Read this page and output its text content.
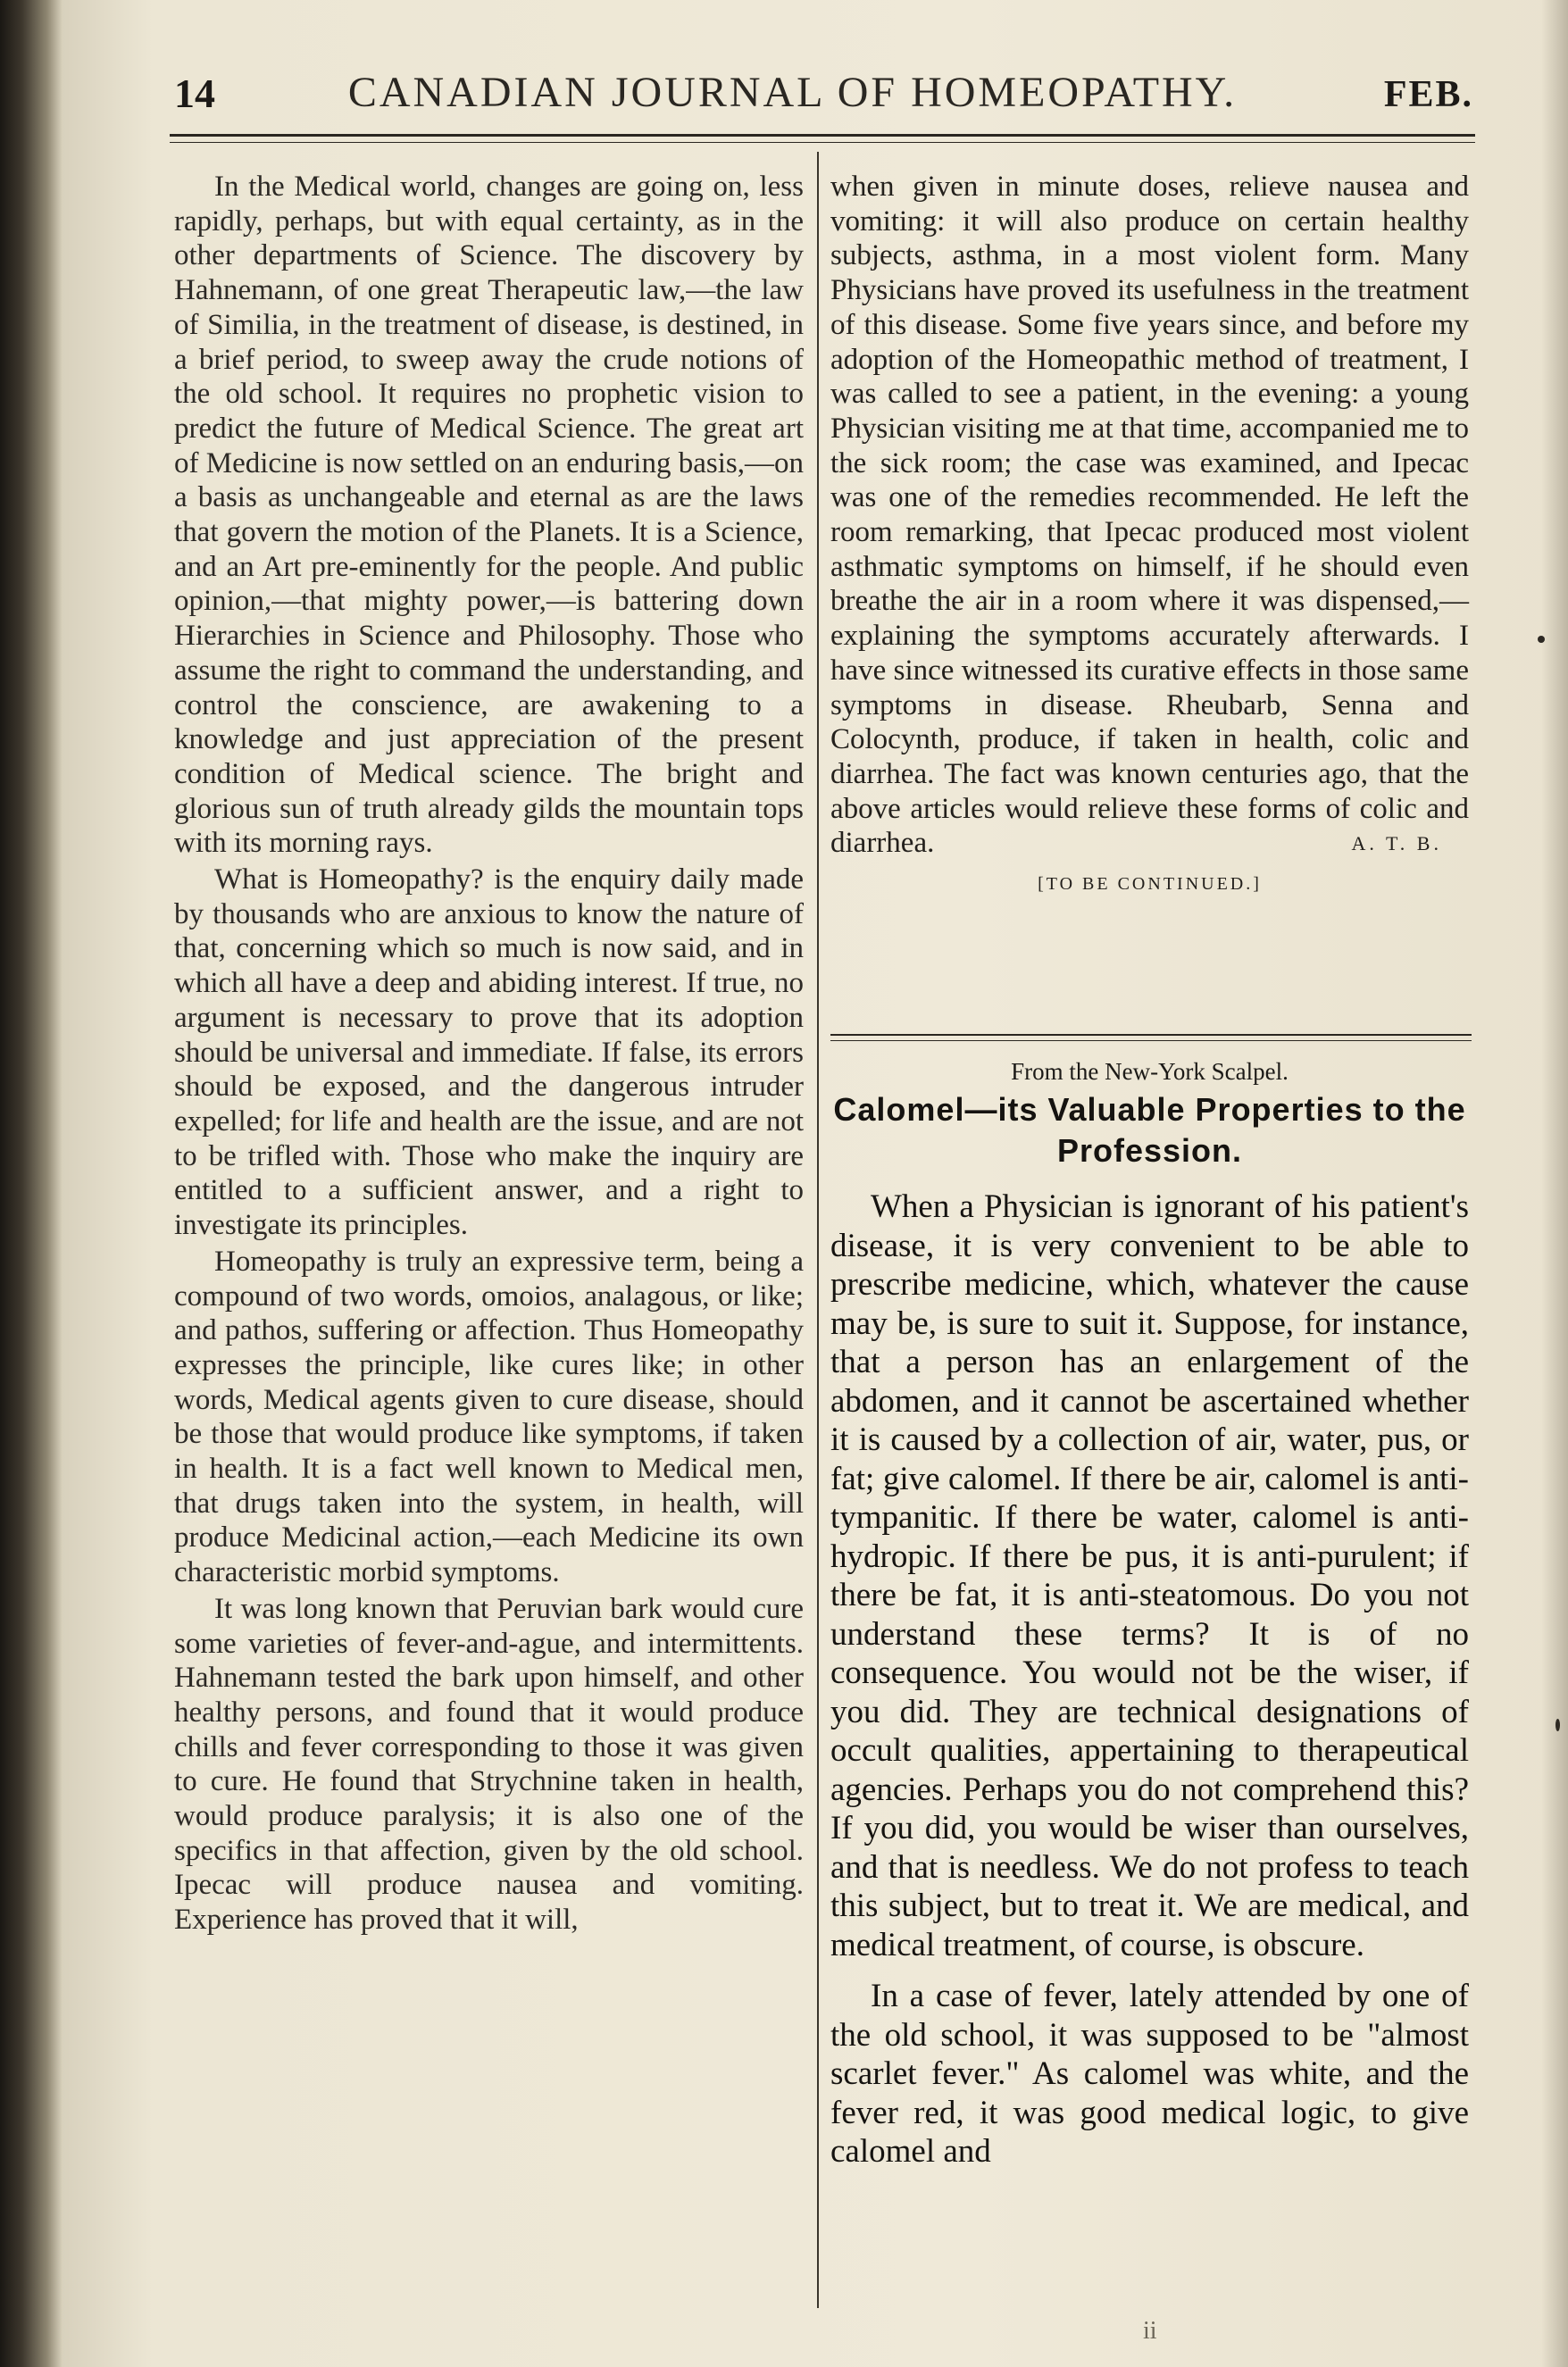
14	CANADIAN JOURNAL OF HOMEOPATHY.	FEB.

In the Medical world, changes are going on, less rapidly, perhaps, but with equal certainty, as in the other departments of Science. The discovery by Hahnemann, of one great Therapeutic law,—the law of Similia, in the treatment of disease, is destined, in a brief period, to sweep away the crude notions of the old school. It requires no prophetic vision to predict the future of Medical Science. The great art of Medicine is now settled on an enduring basis,—on a basis as unchangeable and eternal as are the laws that govern the motion of the Planets. It is a Science, and an Art pre-eminently for the people. And public opinion,—that mighty power,—is battering down Hierarchies in Science and Philosophy. Those who assume the right to command the understanding, and control the conscience, are awakening to a knowledge and just appreciation of the present condition of Medical science. The bright and glorious sun of truth already gilds the mountain tops with its morning rays.

What is Homeopathy? is the enquiry daily made by thousands who are anxious to know the nature of that, concerning which so much is now said, and in which all have a deep and abiding interest. If true, no argument is necessary to prove that its adoption should be universal and immediate. If false, its errors should be exposed, and the dangerous intruder expelled; for life and health are the issue, and are not to be trifled with. Those who make the inquiry are entitled to a sufficient answer, and a right to investigate its principles.

Homeopathy is truly an expressive term, being a compound of two words, omoios, analagous, or like; and pathos, suffering or affection. Thus Homeopathy expresses the principle, like cures like; in other words, Medical agents given to cure disease, should be those that would produce like symptoms, if taken in health. It is a fact well known to Medical men, that drugs taken into the system, in health, will produce Medicinal action,—each Medicine its own characteristic morbid symptoms.

It was long known that Peruvian bark would cure some varieties of fever-and-ague, and intermittents. Hahnemann tested the bark upon himself, and other healthy persons, and found that it would produce chills and fever corresponding to those it was given to cure. He found that Strychnine taken in health, would produce paralysis; it is also one of the specifics in that affection, given by the old school. Ipecac will produce nausea and vomiting. Experience has proved that it will,

when given in minute doses, relieve nausea and vomiting: it will also produce on certain healthy subjects, asthma, in a most violent form. Many Physicians have proved its usefulness in the treatment of this disease. Some five years since, and before my adoption of the Homeopathic method of treatment, I was called to see a patient, in the evening: a young Physician visiting me at that time, accompanied me to the sick room; the case was examined, and Ipecac was one of the remedies recommended. He left the room remarking, that Ipecac produced most violent asthmatic symptoms on himself, if he should even breathe the air in a room where it was dispensed,—explaining the symptoms accurately afterwards. I have since witnessed its curative effects in those same symptoms in disease. Rheubarb, Senna and Colocynth, produce, if taken in health, colic and diarrhea. The fact was known centuries ago, that the above articles would relieve these forms of colic and diarrhea.	A. T. B.
[TO BE CONTINUED.]
From the New-York Scalpel.
Calomel—its Valuable Properties to the Profession.

When a Physician is ignorant of his patient's disease, it is very convenient to be able to prescribe medicine, which, whatever the cause may be, is sure to suit it. Suppose, for instance, that a person has an enlargement of the abdomen, and it cannot be ascertained whether it is caused by a collection of air, water, pus, or fat; give calomel. If there be air, calomel is anti-tympanitic. If there be water, calomel is anti-hydropic. If there be pus, it is anti-purulent; if there be fat, it is anti-steatomous. Do you not understand these terms? It is of no consequence. You would not be the wiser, if you did. They are technical designations of occult qualities, appertaining to therapeutical agencies. Perhaps you do not comprehend this? If you did, you would be wiser than ourselves, and that is needless. We do not profess to teach this subject, but to treat it. We are medical, and medical treatment, of course, is obscure.

In a case of fever, lately attended by one of the old school, it was supposed to be "almost scarlet fever." As calomel was white, and the fever red, it was good medical logic, to give calomel and

ii
